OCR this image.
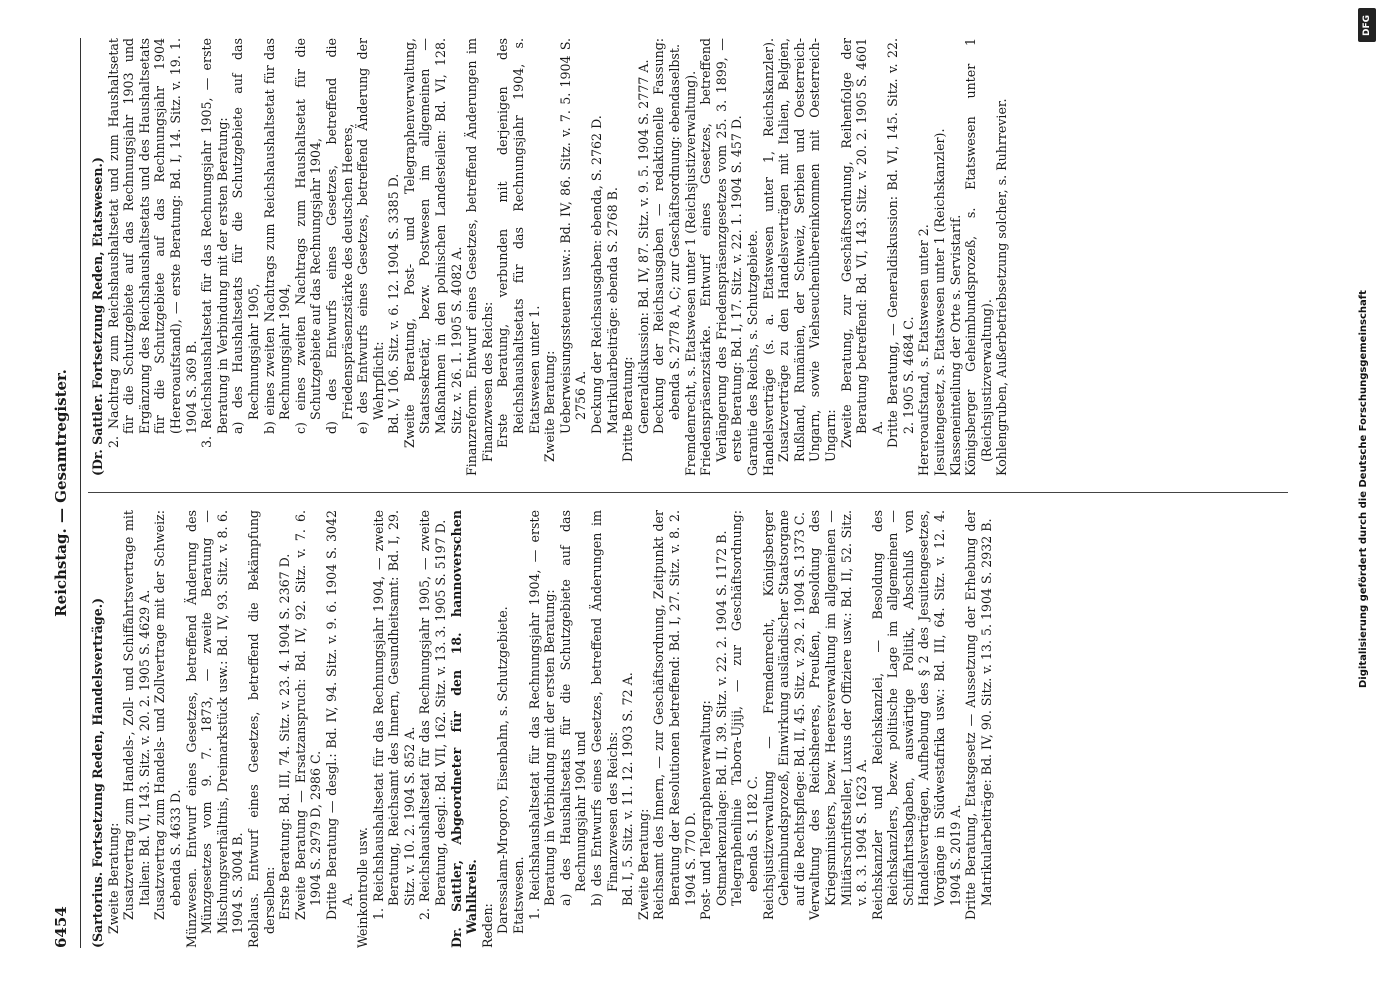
6454
Reichstag. — Gesamtregister.
(Sartorius. Fortsetzung Reden, Handelsverträge.) Zweite Beratung: Zusatzvertrag zum Handels-, Zoll- und Schiffahrtsvertrage mit Italien: Bd. VI, 143. Sitz. v. 20. 2. 1905 S. 4629 A. Zusatzvertrag zum Handels- und Zollvertrage mit der Schweiz: ebenda S. 4633 D. Münzwesen. Entwurf eines Gesetzes, betreffend Änderung des Münzgesetzes vom 9. 7. 1873, — zweite Beratung — Mischungsverhältnis, Dreimarkstück usw.: Bd. IV, 93. Sitz. v. 8. 6. 1904 S. 3004 B. Reblaus. Entwurf eines Gesetzes, betreffend die Bekämpfung derselben: Erste Beratung: Bd. III, 74. Sitz. v. 23. 4. 1904 S. 2367 D. Zweite Beratung — Ersatzanspruch: Bd. IV, 92. Sitz. v. 7. 6. 1904 S. 2979 D, 2986 C. Dritte Beratung — desgl.: Bd. IV, 94. Sitz. v. 9. 6. 1904 S. 3042 A. Weinkontrolle usw. 1. Reichshaushaltsetat für das Rechnungsjahr 1904, — zweite Beratung, Reichsamt des Innern, Gesundheitsamt: Bd. I, 29. Sitz. v. 10. 2. 1904 S. 852 A. 2. Reichshaushaltsetat für das Rechnungsjahr 1905, — zweite Beratung, desgl.: Bd. VII, 162. Sitz. v. 13. 3. 1905 S. 5197 D. Dr. Sattler, Abgeordneter für den 18. hannoverschen Wahlkreis. Reden: Daressalam-Mrogoro, Eisenbahn, s. Schutzgebiete. Etatswesen. 1. Reichshaushaltsetat für das Rechnungsjahr 1904, — erste Beratung in Verbindung mit der ersten Beratung: a) des Haushaltsetats für die Schutzgebiete auf das Rechnungsjahr 1904 und b) des Entwurfs eines Gesetzes, betreffend Änderungen im Finanzwesen des Reichs: Bd. I, 5. Sitz. v. 11. 12. 1903 S. 72 A. Zweite Beratung: Reichsamt des Innern, — zur Geschäftsordnung, Zeitpunkt der Beratung der Resolutionen betreffend: Bd. I, 27. Sitz. v. 8. 2. 1904 S. 770 D. Post- und Telegraphenverwaltung: Ostmarkenzulage: Bd. II, 39. Sitz. v. 22. 2. 1904 S. 1172 B. Telegraphenlinie Tabora-Ujiji, — zur Geschäftsordnung: ebenda S. 1182 C. Reichsjustizverwaltung — Fremdenrecht, Königsberger Geheimbundsprozeß, Einwirkung ausländischer Staatsorgane auf die Rechtspflege: Bd. II, 45. Sitz. v. 29. 2. 1904 S. 1373 C. Verwaltung des Reichsheeres, Preußen, Besoldung des Kriegsministers, bezw. Heeresverwaltung im allgemeinen — Militärschriftsteller, Luxus der Offiziere usw.: Bd. II, 52. Sitz. v. 8. 3. 1904 S. 1623 A. Reichskanzler und Reichskanzlei, — Besoldung des Reichskanzlers, bezw. politische Lage im allgemeinen — Schiffahrtsabgaben, auswärtige Politik, Abschluß von Handelsverträgen, Aufhebung des § 2 des Jesuitengesetzes, Vorgänge in Südwestafrika usw.: Bd. III, 64. Sitz. v. 12. 4. 1904 S. 2019 A. Dritte Beratung, Etatsgesetz — Aussetzung der Erhebung der Matrikularbeiträge: Bd. IV, 90. Sitz. v. 13. 5. 1904 S. 2932 B.
(Dr. Sattler. Fortsetzung Reden, Etatswesen.) 2. Nachtrag zum Reichshaushaltsetat und zum Haushaltsetat für die Schutzgebiete auf das Rechnungsjahr 1903 und Ergänzung des Reichshaushaltsetats und des Haushaltsetats für die Schutzgebiete auf das Rechnungsjahr 1904 (Hereroaufstand), — erste Beratung: Bd. I, 14. Sitz. v. 19. 1. 1904 S. 369 B. 3. Reichshaushaltsetat für das Rechnungsjahr 1905, — erste Beratung in Verbindung mit der ersten Beratung: a) des Haushaltsetats für die Schutzgebiete auf das Rechnungsjahr 1905, b) eines zweiten Nachtrags zum Reichshaushaltsetat für das Rechnungsjahr 1904, c) eines zweiten Nachtrags zum Haushaltsetat für die Schutzgebiete auf das Rechnungsjahr 1904, d) des Entwurfs eines Gesetzes, betreffend die Friedenspräsenzstärke des deutschen Heeres, e) des Entwurfs eines Gesetzes, betreffend Änderung der Wehrpflicht: Bd. V, 106. Sitz. v. 6. 12. 1904 S. 3385 D. Zweite Beratung, Post- und Telegraphenverwaltung, Staatssekretär, bezw. Postwesen im allgemeinen — Maßnahmen in den polnischen Landesteilen: Bd. VI, 128. Sitz. v. 26. 1. 1905 S. 4082 A. Finanzreform. Entwurf eines Gesetzes, betreffend Änderungen im Finanzwesen des Reichs: Erste Beratung, verbunden mit derjenigen des Reichshaushaltsetats für das Rechnungsjahr 1904, s. Etatswesen unter 1. Zweite Beratung: Ueberweisungssteuern usw.: Bd. IV, 86. Sitz. v. 7. 5. 1904 S. 2756 A. Deckung der Reichsausgaben: ebenda, S. 2762 D. Matrikularbeiträge: ebenda S. 2768 B. Dritte Beratung: Generaldiskussion: Bd. IV, 87. Sitz. v. 9. 5. 1904 S. 2777 A. Deckung der Reichsausgaben — redaktionelle Fassung: ebenda S. 2778 A, C; zur Geschäftsordnung: ebendaselbst. Fremdenrecht, s. Etatswesen unter 1 (Reichsjustizverwaltung). Friedenspräsenzstärke. Entwurf eines Gesetzes, betreffend Verlängerung des Friedenspräsenzgesetzes vom 25. 3. 1899, — erste Beratung: Bd. I, 17. Sitz. v. 22. 1. 1904 S. 457 D. Garantie des Reichs, s. Schutzgebiete. Handelsverträge (s. a. Etatswesen unter 1, Reichskanzler). Zusatzverträge zu den Handelsverträgen mit Italien, Belgien, Rußland, Rumänien, der Schweiz, Serbien und Oesterreich-Ungarn, sowie Viehseuchenübereinkommen mit Oesterreich-Ungarn: Zweite Beratung, zur Geschäftsordnung, Reihenfolge der Beratung betreffend: Bd. VI, 143. Sitz. v. 20. 2. 1905 S. 4601 A. Dritte Beratung, — Generaldiskussion: Bd. VI, 145. Sitz. v. 22. 2. 1905 S. 4684 C. Hereroaufstand, s. Etatswesen unter 2. Jesuitengesetz, s. Etatswesen unter 1 (Reichskanzler). Klasseneinteilung der Orte s. Servistarif. Königsberger Geheimbundsprozeß, s. Etatswesen unter 1 (Reichsjustizverwaltung). Kohlengruben, Außerbetriebsetzung solcher, s. Ruhrrevier.
DFG
Digitalisierung gefördert durch die Deutsche Forschungsgemeinschaft
